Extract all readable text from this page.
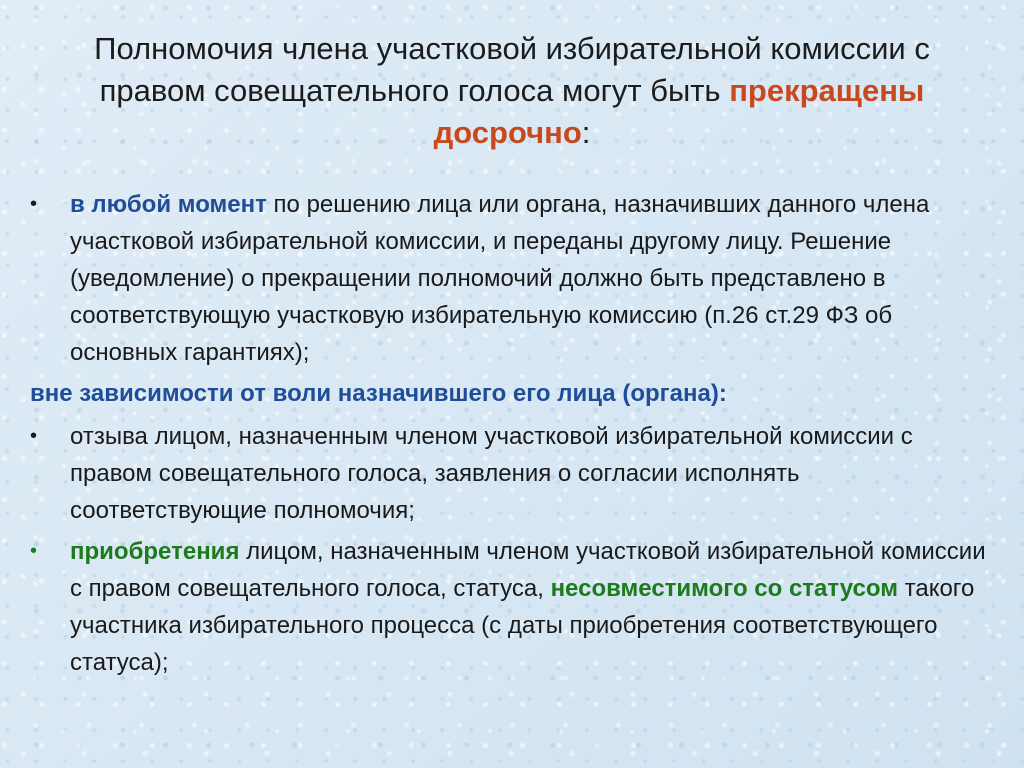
Полномочия члена участковой избирательной комиссии с правом совещательного голоса могут быть прекращены досрочно:
•	в любой момент по решению лица или органа, назначивших данного члена участковой избирательной комиссии, и переданы другому лицу. Решение (уведомление) о прекращении полномочий должно быть представлено в соответствующую участковую избирательную комиссию (п.26 ст.29 ФЗ об основных гарантиях);
вне зависимости от воли назначившего его лица (органа):
•	отзыва лицом, назначенным членом участковой избирательной комиссии с правом совещательного голоса, заявления о согласии исполнять соответствующие полномочия;
•	приобретения лицом, назначенным членом участковой избирательной комиссии с правом совещательного голоса, статуса, несовместимого со статусом такого участника избирательного процесса (с даты приобретения соответствующего статуса);
